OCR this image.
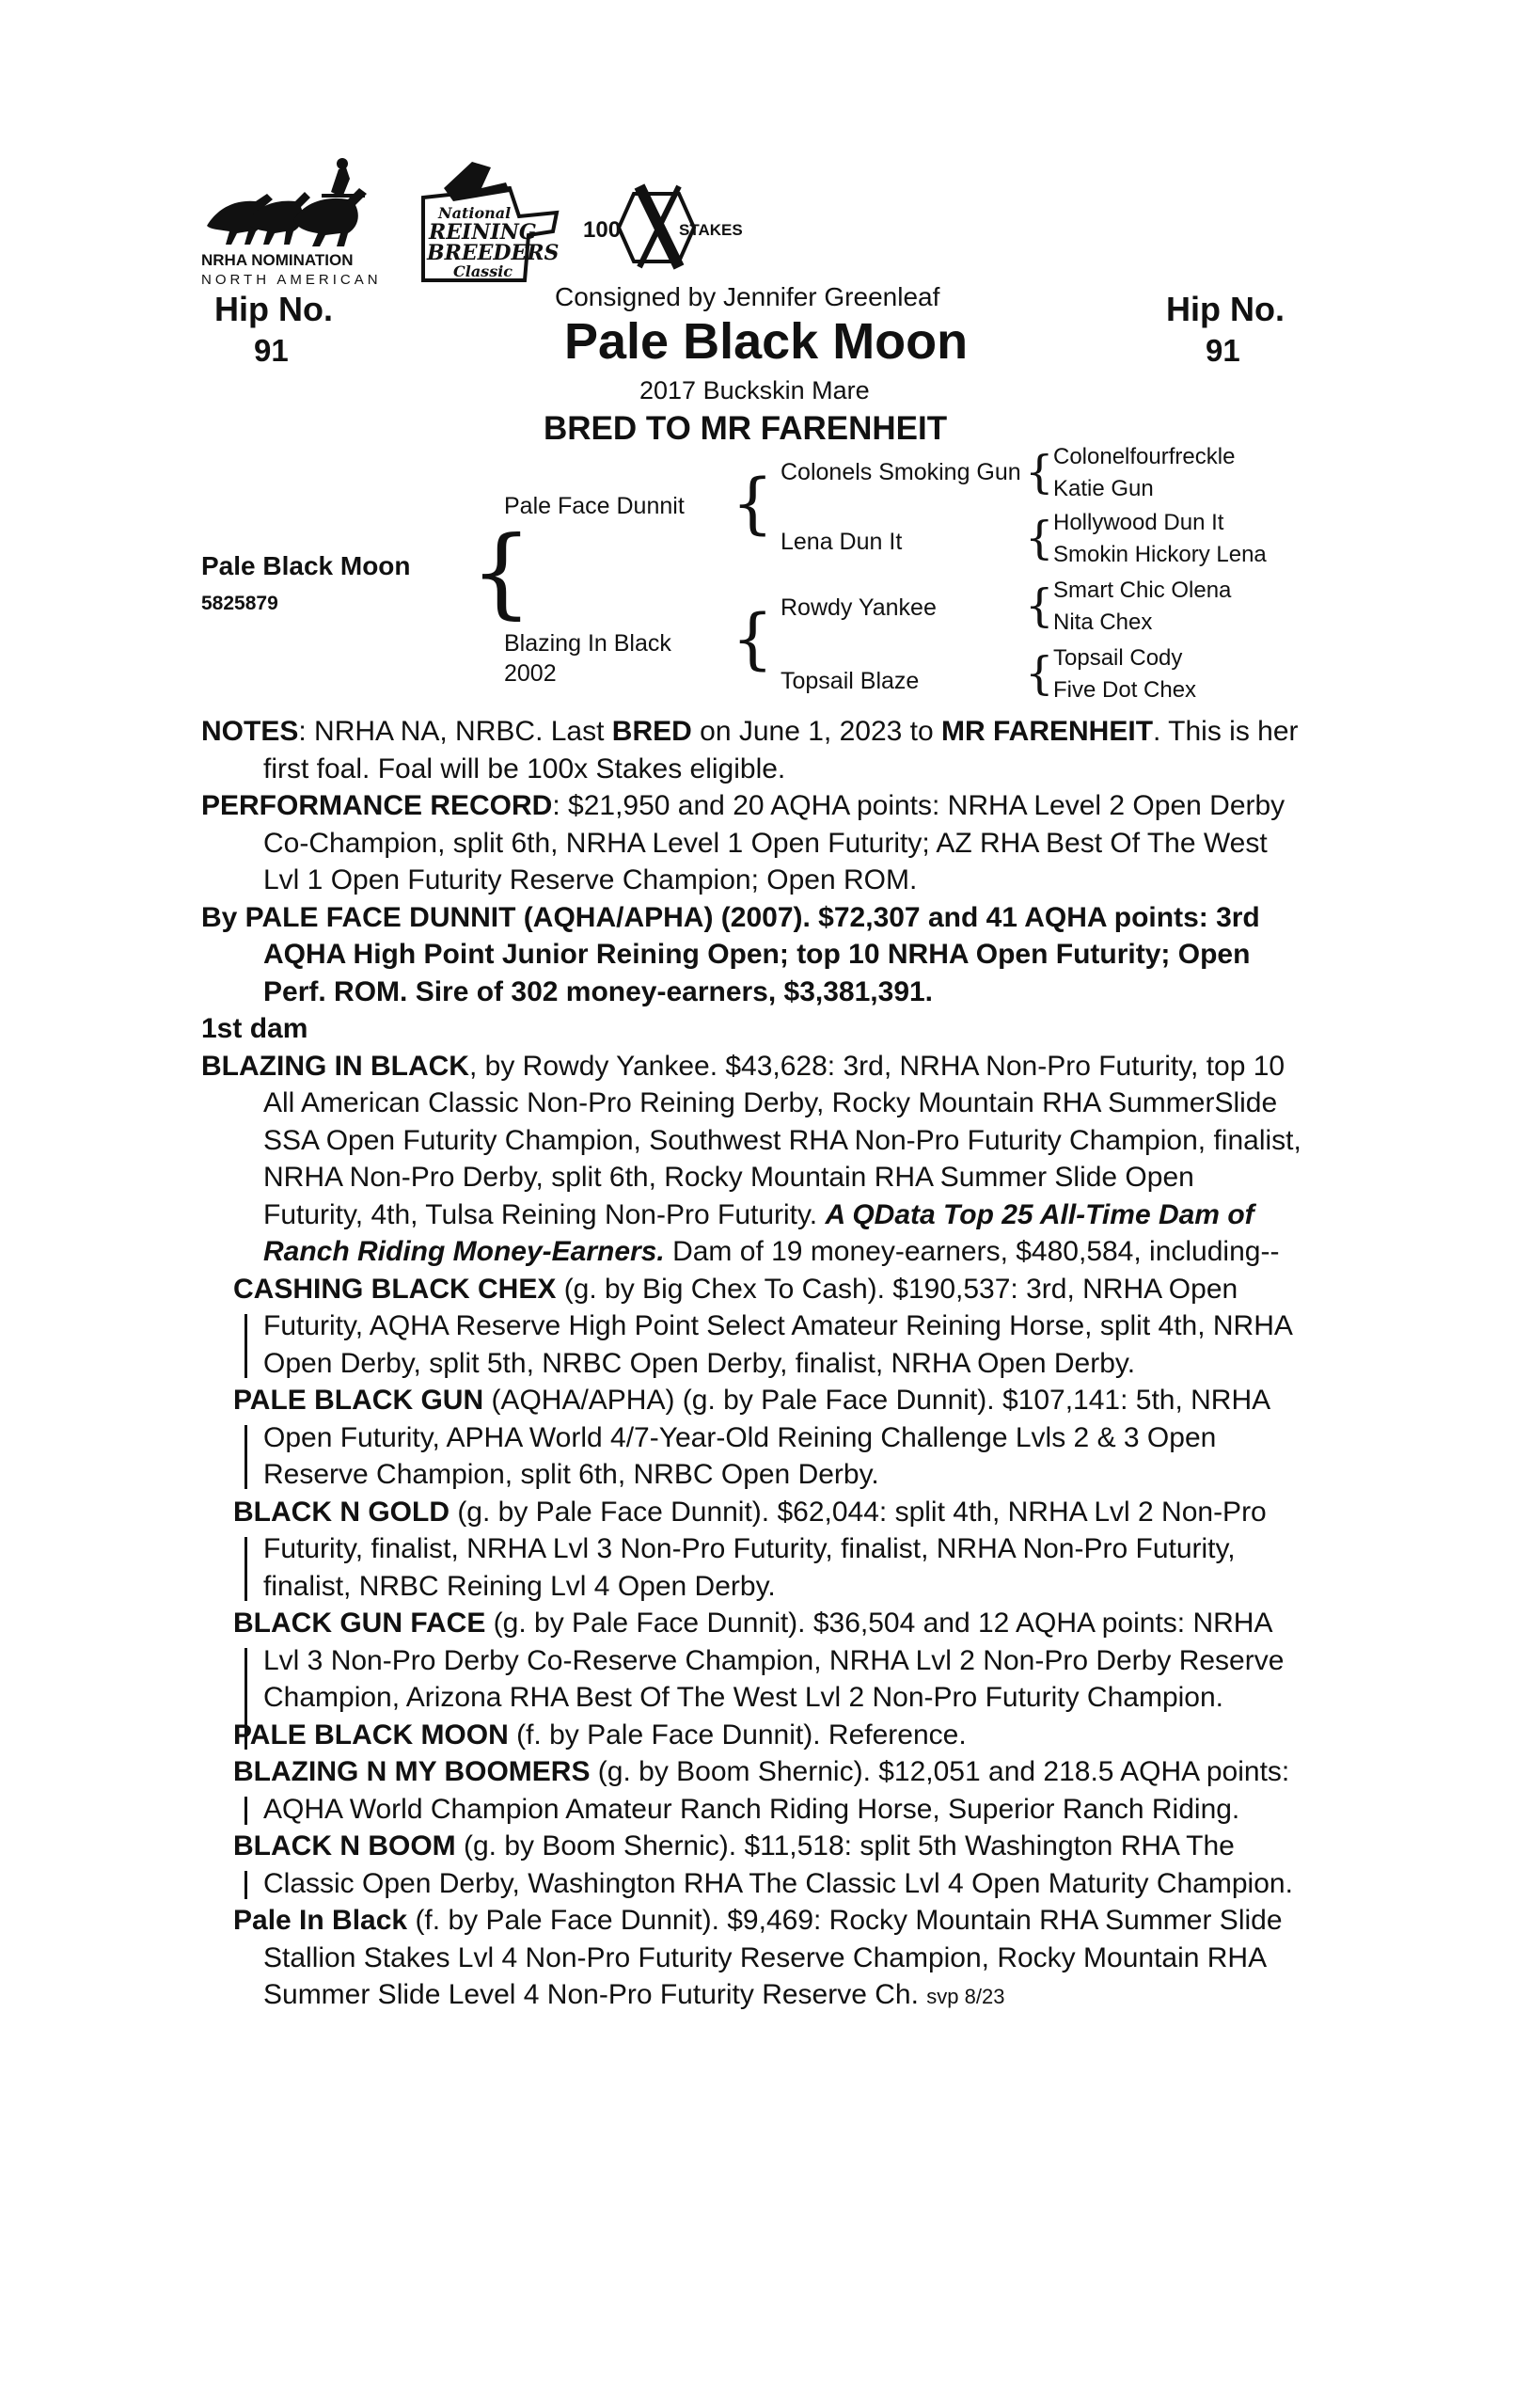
NRHA NOMINATION
NORTH AMERICAN
National
REINING
BREEDERS
Classic
100	STAKES
Hip No.
91
Hip No.
91
Consigned by Jennifer Greenleaf
Pale Black Moon
2017 Buckskin Mare
BRED TO MR FARENHEIT
Pale Black Moon
5825879 {
Pale Face Dunnit {
Blazing In Black
2002	{
Colonels Smoking Gun
Lena Dun It
Rowdy Yankee
Topsail Blaze
{
{
{
{
Colonelfourfreckle
Katie Gun
Hollywood Dun It
Smokin Hickory Lena
Smart Chic Olena
Nita Chex
Topsail Cody
Five Dot Chex

NOTES: NRHA NA, NRBC. Last BRED on June 1, 2023 to MR FARENHEIT. This is her first foal. Foal will be 100x Stakes eligible.

PERFORMANCE RECORD: $21,950 and 20 AQHA points: NRHA Level 2 Open Derby Co-Champion, split 6th, NRHA Level 1 Open Futurity; AZ RHA Best Of The West Lvl 1 Open Futurity Reserve Champion; Open ROM.

By PALE FACE DUNNIT (AQHA/APHA) (2007). $72,307 and 41 AQHA points: 3rd AQHA High Point Junior Reining Open; top 10 NRHA Open Futurity; Open Perf. ROM. Sire of 302 money-earners, $3,381,391.

1st dam

BLAZING IN BLACK, by Rowdy Yankee. $43,628: 3rd, NRHA Non-Pro Futurity, top 10 All American Classic Non-Pro Reining Derby, Rocky Mountain RHA SummerSlide SSA Open Futurity Champion, Southwest RHA Non-Pro Futurity Champion, finalist, NRHA Non-Pro Derby, split 6th, Rocky Mountain RHA Summer Slide Open Futurity, 4th, Tulsa Reining Non-Pro Futurity. A QData Top 25 All-Time Dam of Ranch Riding Money-Earners. Dam of 19 money-earners, $480,584, including--

CASHING BLACK CHEX (g. by Big Chex To Cash). $190,537: 3rd, NRHA Open Futurity, AQHA Reserve High Point Select Amateur Reining Horse, split 4th, NRHA Open Derby, split 5th, NRBC Open Derby, finalist, NRHA Open Derby.

PALE BLACK GUN (AQHA/APHA) (g. by Pale Face Dunnit). $107,141: 5th, NRHA Open Futurity, APHA World 4/7-Year-Old Reining Challenge Lvls 2 & 3 Open Reserve Champion, split 6th, NRBC Open Derby.

BLACK N GOLD (g. by Pale Face Dunnit). $62,044: split 4th, NRHA Lvl 2 Non-Pro Futurity, finalist, NRHA Lvl 3 Non-Pro Futurity, finalist, NRHA Non-Pro Futurity, finalist, NRBC Reining Lvl 4 Open Derby.

BLACK GUN FACE (g. by Pale Face Dunnit). $36,504 and 12 AQHA points: NRHA Lvl 3 Non-Pro Derby Co-Reserve Champion, NRHA Lvl 2 Non-Pro Derby Reserve Champion, Arizona RHA Best Of The West Lvl 2 Non-Pro Futurity Champion.

PALE BLACK MOON (f. by Pale Face Dunnit). Reference.

BLAZING N MY BOOMERS (g. by Boom Shernic). $12,051 and 218.5 AQHA points: AQHA World Champion Amateur Ranch Riding Horse, Superior Ranch Riding.

BLACK N BOOM (g. by Boom Shernic). $11,518: split 5th Washington RHA The Classic Open Derby, Washington RHA The Classic Lvl 4 Open Maturity Champion.

Pale In Black (f. by Pale Face Dunnit). $9,469: Rocky Mountain RHA Summer Slide Stallion Stakes Lvl 4 Non-Pro Futurity Reserve Champion, Rocky Mountain RHA Summer Slide Level 4 Non-Pro Futurity Reserve Ch. svp 8/23
